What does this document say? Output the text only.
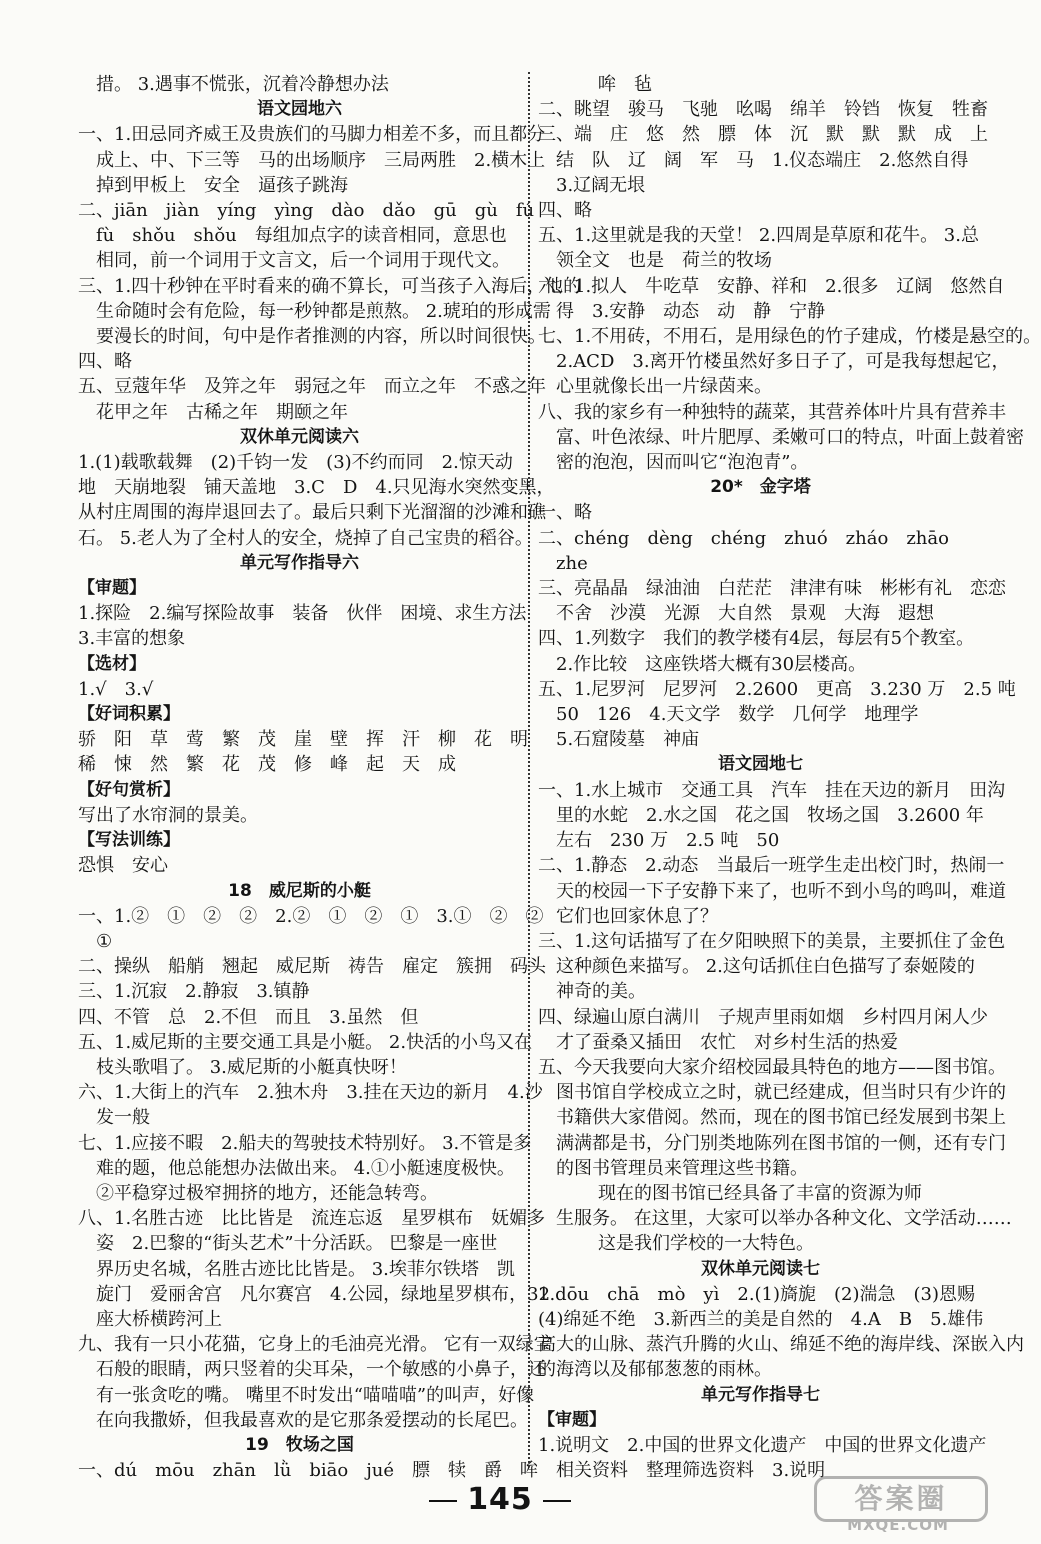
措。 3.遇事不慌张，沉着冷静想办法
语文园地六
一、1.田忌同齐威王及贵族们的马脚力相差不多，而且都分
成上、中、下三等　马的出场顺序　三局两胜　2.横木上
掉到甲板上　安全　逼孩子跳海
二、jiān　jiàn　yíng　yìng　dào　dǎo　gū　gù　fú
fù　shǒu　shǒu　每组加点字的读音相同，意思也
相同，前一个词用于文言文，后一个词用于现代文。
三、1.四十秒钟在平时看来的确不算长，可当孩子入海后，他的
生命随时会有危险，每一秒钟都是煎熬。 2.琥珀的形成需
要漫长的时间，句中是作者推测的内容，所以时间很快。
四、略
五、豆蔻年华　及笄之年　弱冠之年　而立之年　不惑之年
花甲之年　古稀之年　期颐之年
双休单元阅读六
1.(1)载歌载舞　(2)千钧一发　(3)不约而同　2.惊天动
地　天崩地裂　铺天盖地　3.C　D　4.只见海水突然变黑，
从村庄周围的海岸退回去了。最后只剩下光溜溜的沙滩和礁
石。 5.老人为了全村人的安全，烧掉了自己宝贵的稻谷。
单元写作指导六
【审题】
1.探险　2.编写探险故事　装备　伙伴　困境、求生方法
3.丰富的想象
【选材】
1.√　3.√
【好词积累】
骄　阳　草　莺　繁　茂　崖　壁　挥　汗　柳　花　明
稀　悚　然　繁　花　茂　修　峰　起　天　成
【好句赏析】
写出了水帘洞的景美。
【写法训练】
恐惧　安心
18　威尼斯的小艇
一、1.②　①　②　②　2.②　①　②　①　3.①　②　②
①
二、操纵　船艄　翘起　威尼斯　祷告　雇定　簇拥　码头
三、1.沉寂　2.静寂　3.镇静
四、不管　总　2.不但　而且　3.虽然　但
五、1.威尼斯的主要交通工具是小艇。 2.快活的小鸟又在
枝头歌唱了。 3.威尼斯的小艇真快呀！
六、1.大街上的汽车　2.独木舟　3.挂在天边的新月　4.沙
发一般
七、1.应接不暇　2.船夫的驾驶技术特别好。 3.不管是多
难的题，他总能想办法做出来。 4.①小艇速度极快。
②平稳穿过极窄拥挤的地方，还能急转弯。
八、1.名胜古迹　比比皆是　流连忘返　星罗棋布　妩媚多
姿　2.巴黎的“街头艺术”十分活跃。 巴黎是一座世
界历史名城，名胜古迹比比皆是。 3.埃菲尔铁塔　凯
旋门　爱丽舍宫　凡尔赛宫　4.公园，绿地星罗棋布，32
座大桥横跨河上
九、我有一只小花猫，它身上的毛油亮光滑。 它有一双绿宝
石般的眼睛，两只竖着的尖耳朵，一个敏感的小鼻子，还
有一张贪吃的嘴。 嘴里不时发出“喵喵喵”的叫声，好像
在向我撒娇，但我最喜欢的是它那条爱摆动的长尾巴。
19　牧场之国
一、dú　mōu　zhān　lǜ　biāo　jué　膘　犊　爵　哞
哞　毡
二、眺望　骏马　飞驰　吆喝　绵羊　铃铛　恢复　牲畜
三、端　庄　悠　然　膘　体　沉　默　默　默　成　上
结　队　辽　阔　军　马　1.仪态端庄　2.悠然自得
3.辽阔无垠
四、略
五、1.这里就是我的天堂！ 2.四周是草原和花牛。 3.总
领全文　也是　荷兰的牧场
六、1.拟人　牛吃草　安静、祥和　2.很多　辽阔　悠然自
得　3.安静　动态　动　静　宁静
七、1.不用砖，不用石，是用绿色的竹子建成，竹楼是悬空的。
2.ACD　3.离开竹楼虽然好多日子了，可是我每想起它，
心里就像长出一片绿茵来。
八、我的家乡有一种独特的蔬菜，其营养体叶片具有营养丰
富、叶色浓绿、叶片肥厚、柔嫩可口的特点，叶面上鼓着密
密的泡泡，因而叫它“泡泡青”。
20*　金字塔
一、略
二、chéng　dèng　chéng　zhuó　zháo　zhāo
zhe
三、亮晶晶　绿油油　白茫茫　津津有味　彬彬有礼　恋恋
不舍　沙漠　光源　大自然　景观　大海　遐想
四、1.列数字　我们的教学楼有4层，每层有5个教室。
2.作比较　这座铁塔大概有30层楼高。
五、1.尼罗河　尼罗河　2.2600　更高　3.230 万　2.5 吨
50　126　4.天文学　数学　几何学　地理学
5.石窟陵墓　神庙
语文园地七
一、1.水上城市　交通工具　汽车　挂在天边的新月　田沟
里的水蛇　2.水之国　花之国　牧场之国　3.2600 年
左右　230 万　2.5 吨　50
二、1.静态　2.动态　当最后一班学生走出校门时，热闹一
天的校园一下子安静下来了，也听不到小鸟的鸣叫，难道
它们也回家休息了？
三、1.这句话描写了在夕阳映照下的美景，主要抓住了金色
这种颜色来描写。 2.这句话抓住白色描写了泰姬陵的
神奇的美。
四、绿遍山原白满川　子规声里雨如烟　乡村四月闲人少
才了蚕桑又插田　农忙　对乡村生活的热爱
五、今天我要向大家介绍校园最具特色的地方——图书馆。
图书馆自学校成立之时，就已经建成，但当时只有少许的
书籍供大家借阅。然而，现在的图书馆已经发展到书架上
满满都是书，分门别类地陈列在图书馆的一侧，还有专门
的图书管理员来管理这些书籍。
现在的图书馆已经具备了丰富的资源为师
生服务。 在这里，大家可以举办各种文化、文学活动……
这是我们学校的一大特色。
双休单元阅读七
1.dōu　chā　mò　yì　2.(1)旖旎　(2)湍急　(3)恩赐
(4)绵延不绝　3.新西兰的美是自然的　4.A　B　5.雄伟
高大的山脉、蒸汽升腾的火山、绵延不绝的海岸线、深嵌入内
的海湾以及郁郁葱葱的雨林。
单元写作指导七
【审题】
1.说明文　2.中国的世界文化遗产　中国的世界文化遗产
相关资料　整理筛选资料　3.说明
145	答案圈
MXQE.COM
